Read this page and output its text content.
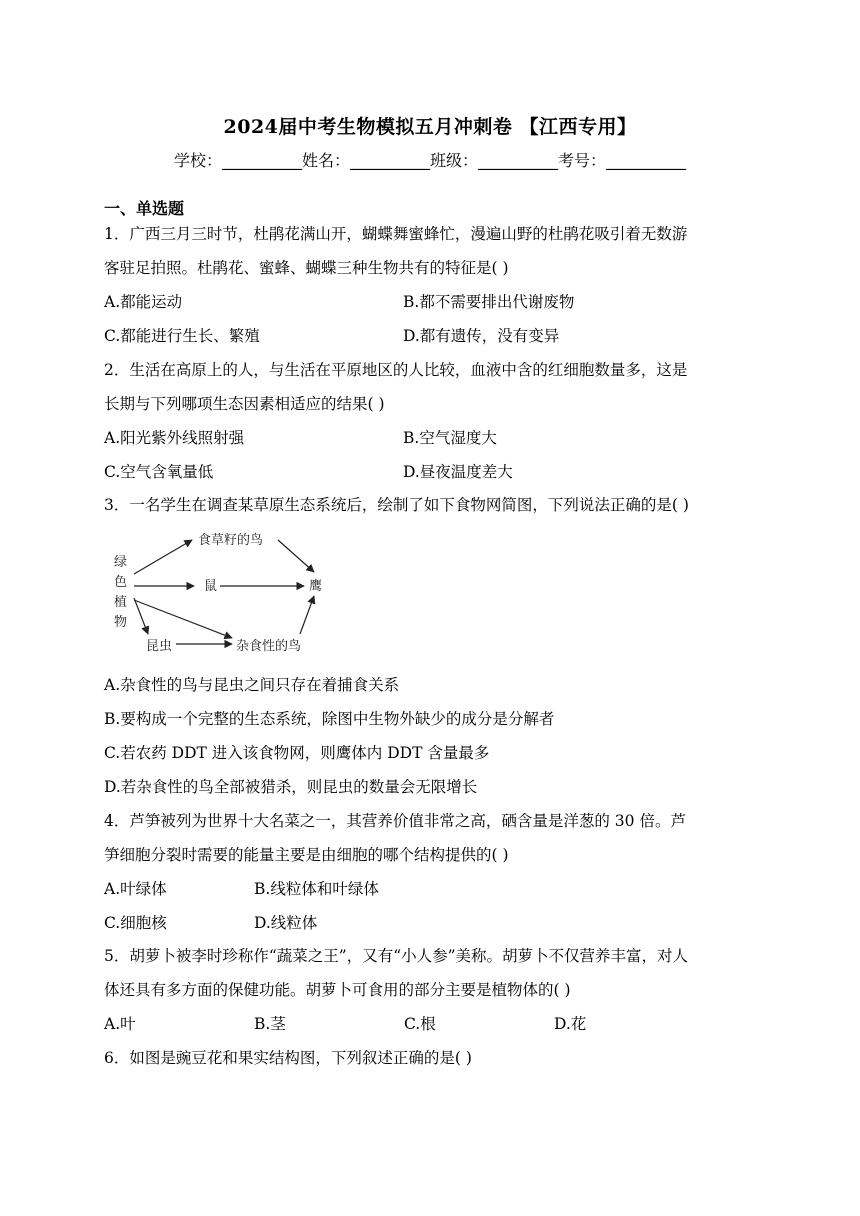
2024届中考生物模拟五月冲刺卷 【江西专用】
学校：__________姓名：__________班级：__________考号：__________
一、单选题
1．广西三月三时节，杜鹃花满山开，蝴蝶舞蜜蜂忙，漫遍山野的杜鹃花吸引着无数游
客驻足拍照。杜鹃花、蜜蜂、蝴蝶三种生物共有的特征是( )
A.都能运动	B.都不需要排出代谢废物
C.都能进行生长、繁殖	D.都有遗传，没有变异
2．生活在高原上的人，与生活在平原地区的人比较，血液中含的红细胞数量多，这是
长期与下列哪项生态因素相适应的结果( )
A.阳光紫外线照射强	B.空气湿度大
C.空气含氧量低	D.昼夜温度差大
3．一名学生在调查某草原生态系统后，绘制了如下食物网简图，下列说法正确的是( )
绿
色
植
物
食草籽的鸟
鼠	鹰
昆虫	杂食性的鸟
A.杂食性的鸟与昆虫之间只存在着捕食关系
B.要构成一个完整的生态系统，除图中生物外缺少的成分是分解者
C.若农药 DDT 进入该食物网，则鹰体内 DDT 含量最多
D.若杂食性的鸟全部被猎杀，则昆虫的数量会无限增长
4．芦笋被列为世界十大名菜之一，其营养价值非常之高，硒含量是洋葱的 30 倍。芦
笋细胞分裂时需要的能量主要是由细胞的哪个结构提供的( )
A.叶绿体	B.线粒体和叶绿体
C.细胞核	D.线粒体
5．胡萝卜被李时珍称作“蔬菜之王”，又有“小人参”美称。胡萝卜不仅营养丰富，对人
体还具有多方面的保健功能。胡萝卜可食用的部分主要是植物体的( )
A.叶	B.茎	C.根	D.花
6．如图是豌豆花和果实结构图，下列叙述正确的是( )
